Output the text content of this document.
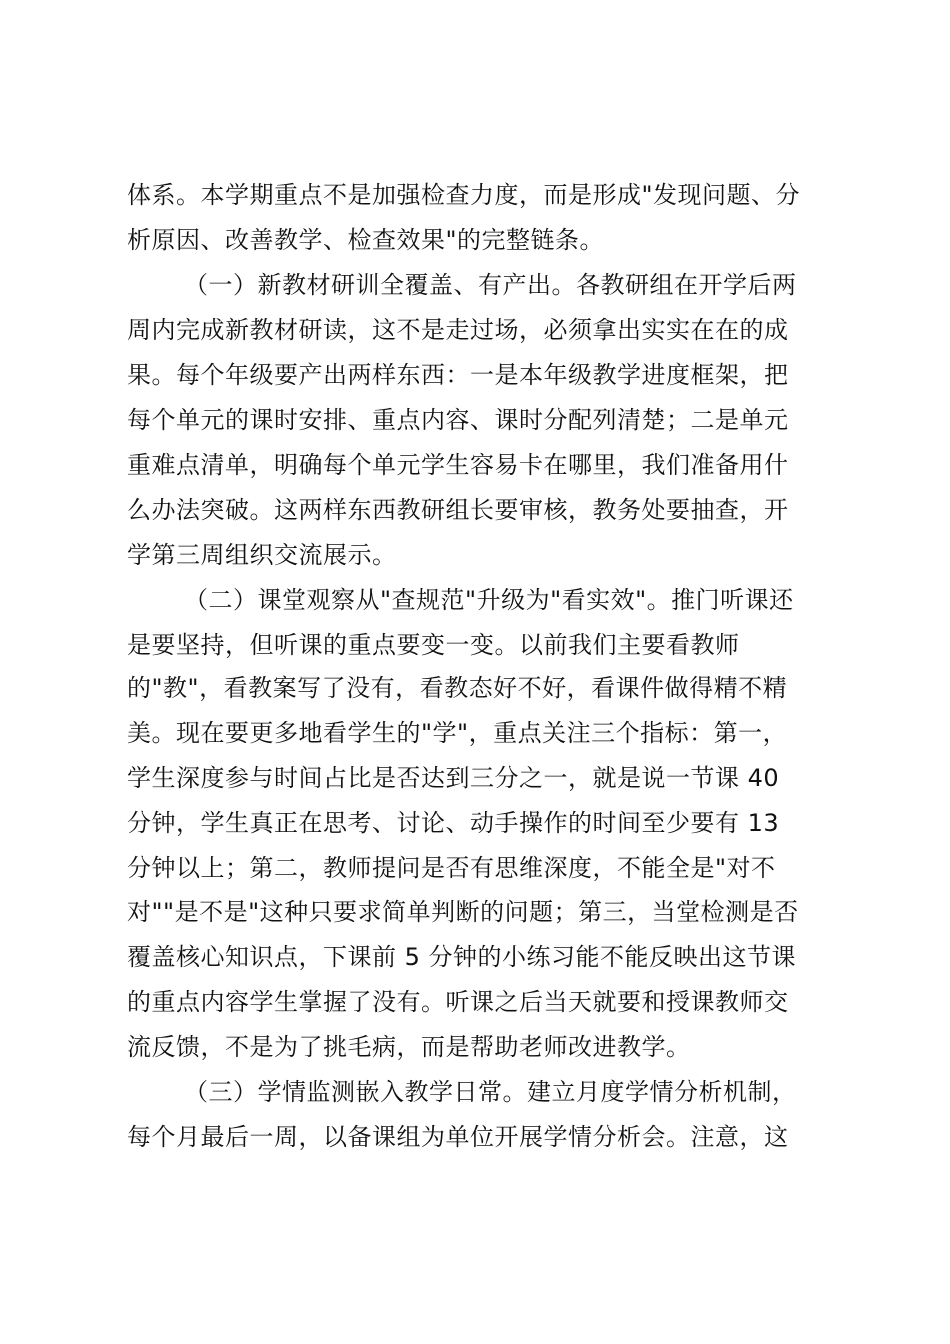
体系。本学期重点不是加强检查力度，而是形成"发现问题、分
析原因、改善教学、检查效果"的完整链条。
（一）新教材研训全覆盖、有产出。各教研组在开学后两
周内完成新教材研读，这不是走过场，必须拿出实实在在的成
果。每个年级要产出两样东西：一是本年级教学进度框架，把
每个单元的课时安排、重点内容、课时分配列清楚；二是单元
重难点清单，明确每个单元学生容易卡在哪里，我们准备用什
么办法突破。这两样东西教研组长要审核，教务处要抽查，开
学第三周组织交流展示。
（二）课堂观察从"查规范"升级为"看实效"。推门听课还
是要坚持，但听课的重点要变一变。以前我们主要看教师
的"教"，看教案写了没有，看教态好不好，看课件做得精不精
美。现在要更多地看学生的"学"，重点关注三个指标：第一，
学生深度参与时间占比是否达到三分之一，就是说一节课 40
分钟，学生真正在思考、讨论、动手操作的时间至少要有 13
分钟以上；第二，教师提问是否有思维深度，不能全是"对不
对""是不是"这种只要求简单判断的问题；第三，当堂检测是否
覆盖核心知识点，下课前 5 分钟的小练习能不能反映出这节课
的重点内容学生掌握了没有。听课之后当天就要和授课教师交
流反馈，不是为了挑毛病，而是帮助老师改进教学。
（三）学情监测嵌入教学日常。建立月度学情分析机制，
每个月最后一周，以备课组为单位开展学情分析会。注意，这
